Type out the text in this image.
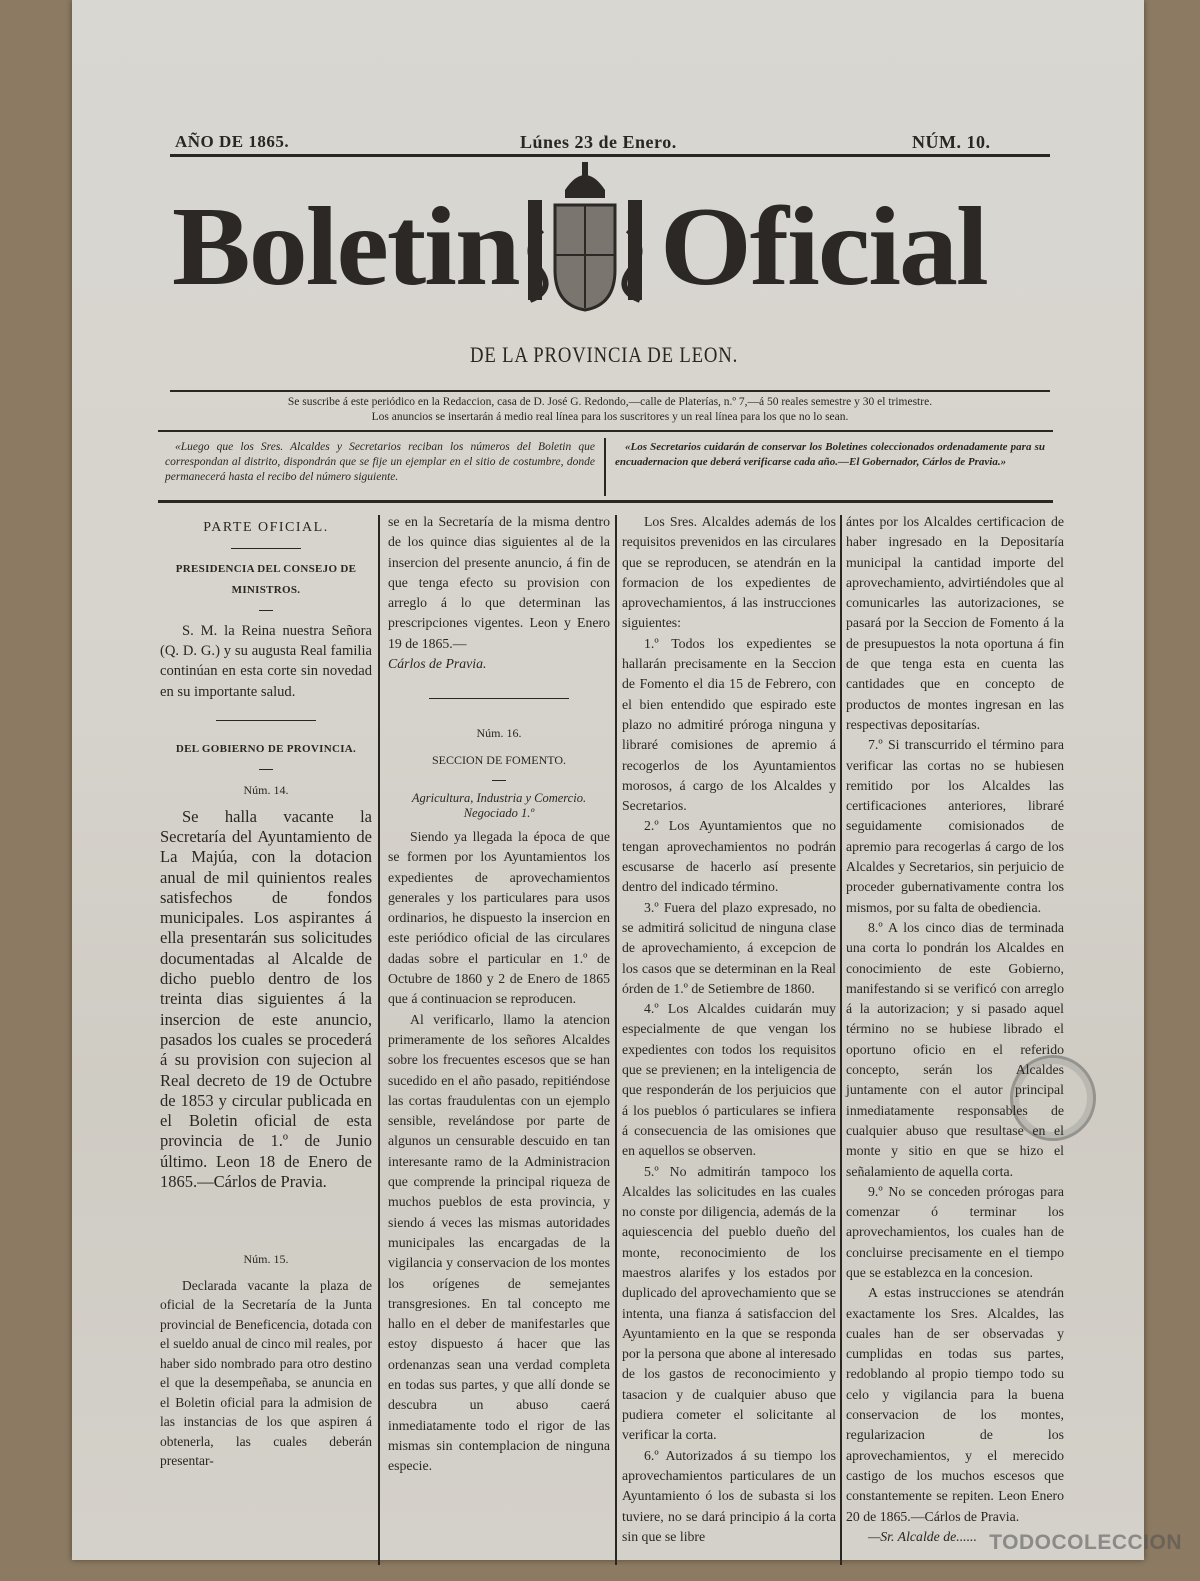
AÑO DE 1865.	Lúnes 23 de Enero.	NÚM. 10.
Boletin Oficial
DE LA PROVINCIA DE LEON.
Se suscribe á este periódico en la Redaccion, casa de D. José G. Redondo,—calle de Platerías, n.º 7,—á 50 reales semestre y 30 el trimestre.
Los anuncios se insertarán á medio real línea para los suscritores y un real línea para los que no lo sean.
«Luego que los Sres. Alcaldes y Secretarios reciban los números del Boletin que correspondan al distrito, dispondrán que se fije un ejemplar en el sitio de costumbre, donde permanecerá hasta el recibo del número siguiente.
«Los Secretarios cuidarán de conservar los Boletines coleccionados ordenadamente para su encuadernacion que deberá verificarse cada año.—El Gobernador, Cárlos de Pravia.»

PARTE OFICIAL.

PRESIDENCIA DEL CONSEJO DE MINISTROS.

S. M. la Reina nuestra Señora (Q. D. G.) y su augusta Real familia continúan en esta corte sin novedad en su importante salud.

DEL GOBIERNO DE PROVINCIA.

Núm. 14.

Se halla vacante la Secretaría del Ayuntamiento de La Majúa, con la dotacion anual de mil quinientos reales satisfechos de fondos municipales. Los aspirantes á ella presentarán sus solicitudes documentadas al Alcalde de dicho pueblo dentro de los treinta dias siguientes á la insercion de este anuncio, pasados los cuales se procederá á su provision con sujecion al Real decreto de 19 de Octubre de 1853 y circular publicada en el Boletin oficial de esta provincia de 1.º de Junio último. Leon 18 de Enero de 1865.—Cárlos de Pravia.

Núm. 15.

Declarada vacante la plaza de oficial de la Secretaría de la Junta provincial de Beneficencia, dotada con el sueldo anual de cinco mil reales, por haber sido nombrado para otro destino el que la desempeñaba, se anuncia en el Boletin oficial para la admision de las instancias de los que aspiren á obtenerla, las cuales deberán presentar-

se en la Secretaría de la misma dentro de los quince dias siguientes al de la insercion del presente anuncio, á fin de que tenga efecto su provision con arreglo á lo que determinan las prescripciones vigentes. Leon y Enero 19 de 1865.—

Cárlos de Pravia.

Núm. 16.

SECCION DE FOMENTO.

Agricultura, Industria y Comercio. Negociado 1.º

Siendo ya llegada la época de que se formen por los Ayuntamientos los expedientes de aprovechamientos generales y los particulares para usos ordinarios, he dispuesto la insercion en este periódico oficial de las circulares dadas sobre el particular en 1.º de Octubre de 1860 y 2 de Enero de 1865 que á continuacion se reproducen.

Al verificarlo, llamo la atencion primeramente de los señores Alcaldes sobre los frecuentes escesos que se han sucedido en el año pasado, repitiéndose las cortas fraudulentas con un ejemplo sensible, revelándose por parte de algunos un censurable descuido en tan interesante ramo de la Administracion que comprende la principal riqueza de muchos pueblos de esta provincia, y siendo á veces las mismas autoridades municipales las encargadas de la vigilancia y conservacion de los montes los orígenes de semejantes transgresiones. En tal concepto me hallo en el deber de manifestarles que estoy dispuesto á hacer que las ordenanzas sean una verdad completa en todas sus partes, y que allí donde se descubra un abuso caerá inmediatamente todo el rigor de las mismas sin contemplacion de ninguna especie.

Los Sres. Alcaldes además de los requisitos prevenidos en las circulares que se reproducen, se atendrán en la formacion de los expedientes de aprovechamientos, á las instrucciones siguientes:

1.º Todos los expedientes se hallarán precisamente en la Seccion de Fomento el dia 15 de Febrero, con el bien entendido que espirado este plazo no admitiré próroga ninguna y libraré comisiones de apremio á recogerlos de los Ayuntamientos morosos, á cargo de los Alcaldes y Secretarios.

2.º Los Ayuntamientos que no tengan aprovechamientos no podrán escusarse de hacerlo así presente dentro del indicado término.

3.º Fuera del plazo expresado, no se admitirá solicitud de ninguna clase de aprovechamiento, á excepcion de los casos que se determinan en la Real órden de 1.º de Setiembre de 1860.

4.º Los Alcaldes cuidarán muy especialmente de que vengan los expedientes con todos los requisitos que se previenen; en la inteligencia de que responderán de los perjuicios que á los pueblos ó particulares se infiera á consecuencia de las omisiones que en aquellos se observen.

5.º No admitirán tampoco los Alcaldes las solicitudes en las cuales no conste por diligencia, además de la aquiescencia del pueblo dueño del monte, reconocimiento de los maestros alarifes y los estados por duplicado del aprovechamiento que se intenta, una fianza á satisfaccion del Ayuntamiento en la que se responda por la persona que abone al interesado de los gastos de reconocimiento y tasacion y de cualquier abuso que pudiera cometer el solicitante al verificar la corta.

6.º Autorizados á su tiempo los aprovechamientos particulares de un Ayuntamiento ó los de subasta si los tuviere, no se dará principio á la corta sin que se libre

ántes por los Alcaldes certificacion de haber ingresado en la Depositaría municipal la cantidad importe del aprovechamiento, advirtiéndoles que al comunicarles las autorizaciones, se pasará por la Seccion de Fomento á la de presupuestos la nota oportuna á fin de que tenga esta en cuenta las cantidades que en concepto de productos de montes ingresan en las respectivas depositarías.

7.º Si transcurrido el término para verificar las cortas no se hubiesen remitido por los Alcaldes las certificaciones anteriores, libraré seguidamente comisionados de apremio para recogerlas á cargo de los Alcaldes y Secretarios, sin perjuicio de proceder gubernativamente contra los mismos, por su falta de obediencia.

8.º A los cinco dias de terminada una corta lo pondrán los Alcaldes en conocimiento de este Gobierno, manifestando si se verificó con arreglo á la autorizacion; y si pasado aquel término no se hubiese librado el oportuno oficio en el referido concepto, serán los Alcaldes juntamente con el autor principal inmediatamente responsables de cualquier abuso que resultase en el monte y sitio en que se hizo el señalamiento de aquella corta.

9.º No se conceden prórogas para comenzar ó terminar los aprovechamientos, los cuales han de concluirse precisamente en el tiempo que se establezca en la concesion.

A estas instrucciones se atendrán exactamente los Sres. Alcaldes, las cuales han de ser observadas y cumplidas en todas sus partes, redoblando al propio tiempo todo su celo y vigilancia para la buena conservacion de los montes, regularizacion de los aprovechamientos, y el merecido castigo de los muchos escesos que constantemente se repiten. Leon Enero 20 de 1865.—Cárlos de Pravia.

—Sr. Alcalde de...... TODOCOLECCION
